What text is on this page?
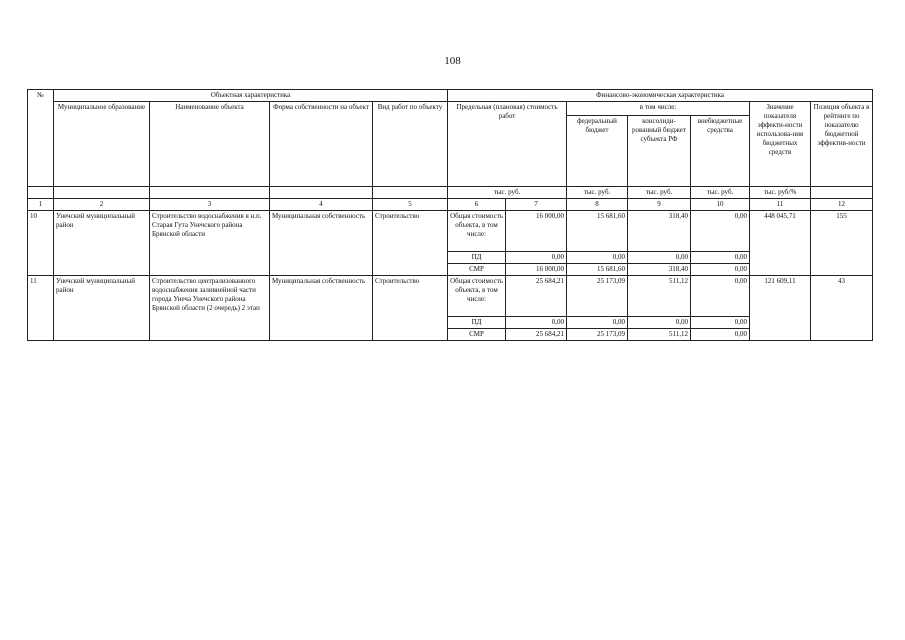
108
№	Объектная характеристика				Финансово-экономическая характеристика						
	Муниципальное образование	Наименование объекта	Форма собственности на объект	Вид работ по объекту	Предельная (плановая) стоимость работ		в том числе:			Значение показателя эффекти-ности использова-ния бюджетных средств	Позиция объекта в рейтинге по показателю бюджетной эффектив-ности
							федеральный бюджет	консолиди-рованный бюджет субъекта РФ	внебюджетные средства		
					тыс. руб.		тыс. руб.	тыс. руб.	тыс. руб.	тыс. руб/%	
1	2	3	4	5	6	7	8	9	10	11	12
10	Унечский муниципальный район	Строительство водоснабжения в н.п. Старая Гута Унечского района Брянской области	Муниципальная собственность	Строительство	Общая стоимость объекта, в том числе:	16 000,00	15 681,60	318,40	0,00	448 045,71	155
					ПД	0,00	0,00	0,00	0,00		
					СМР	16 000,00	15 681,60	318,40	0,00		
11	Унечский муниципальный район	Строительство централизованного водоснабжения заливнейной части города Унеча Унечского района Брянской области (2 очередь) 2 этап	Муниципальная собственность	Строительство	Общая стоимость объекта, в том числе:	25 684,21	25 173,09	511,12	0,00	121 609,11	43
					ПД	0,00	0,00	0,00	0,00		
					СМР	25 684,21	25 173,09	511,12	0,00		
